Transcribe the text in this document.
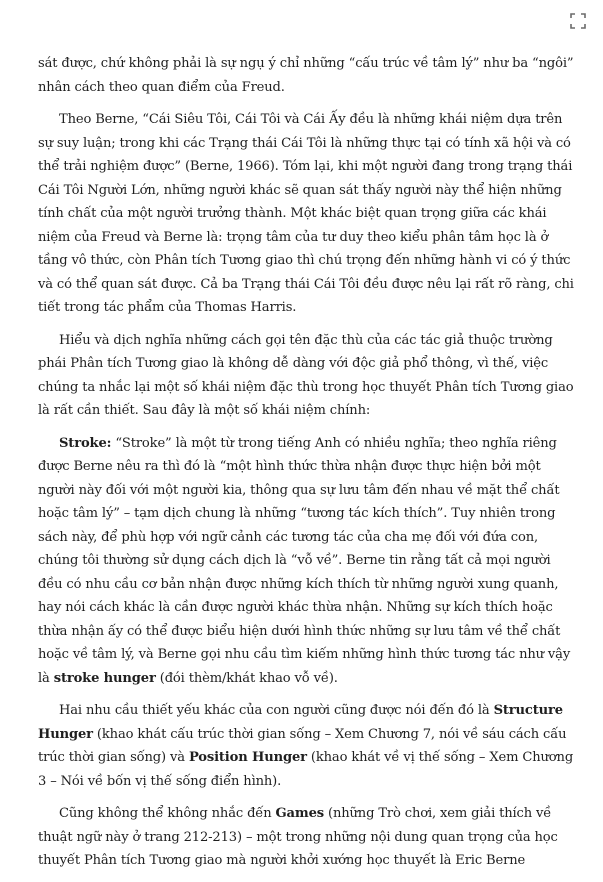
sát được, chứ không phải là sự ngụ ý chỉ những “cấu trúc về tâm lý” như ba “ngôi” nhân cách theo quan điểm của Freud.

Theo Berne, “Cái Siêu Tôi, Cái Tôi và Cái Ấy đều là những khái niệm dựa trên sự suy luận; trong khi các Trạng thái Cái Tôi là những thực tại có tính xã hội và có thể trải nghiệm được” (Berne, 1966). Tóm lại, khi một người đang trong trạng thái Cái Tôi Người Lớn, những người khác sẽ quan sát thấy người này thể hiện những tính chất của một người trưởng thành. Một khác biệt quan trọng giữa các khái niệm của Freud và Berne là: trọng tâm của tư duy theo kiểu phân tâm học là ở tầng vô thức, còn Phân tích Tương giao thì chú trọng đến những hành vi có ý thức và có thể quan sát được. Cả ba Trạng thái Cái Tôi đều được nêu lại rất rõ ràng, chi tiết trong tác phẩm của Thomas Harris.

Hiểu và dịch nghĩa những cách gọi tên đặc thù của các tác giả thuộc trường phái Phân tích Tương giao là không dễ dàng với độc giả phổ thông, vì thế, việc chúng ta nhắc lại một số khái niệm đặc thù trong học thuyết Phân tích Tương giao là rất cần thiết. Sau đây là một số khái niệm chính:

Stroke: “Stroke” là một từ trong tiếng Anh có nhiều nghĩa; theo nghĩa riêng được Berne nêu ra thì đó là “một hình thức thừa nhận được thực hiện bởi một người này đối với một người kia, thông qua sự lưu tâm đến nhau về mặt thể chất hoặc tâm lý” – tạm dịch chung là những “tương tác kích thích”. Tuy nhiên trong sách này, để phù hợp với ngữ cảnh các tương tác của cha mẹ đối với đứa con, chúng tôi thường sử dụng cách dịch là “vỗ về”. Berne tin rằng tất cả mọi người đều có nhu cầu cơ bản nhận được những kích thích từ những người xung quanh, hay nói cách khác là cần được người khác thừa nhận. Những sự kích thích hoặc thừa nhận ấy có thể được biểu hiện dưới hình thức những sự lưu tâm về thể chất hoặc về tâm lý, và Berne gọi nhu cầu tìm kiếm những hình thức tương tác như vậy là stroke hunger (đói thèm/khát khao vỗ về).

Hai nhu cầu thiết yếu khác của con người cũng được nói đến đó là Structure Hunger (khao khát cấu trúc thời gian sống – Xem Chương 7, nói về sáu cách cấu trúc thời gian sống) và Position Hunger (khao khát về vị thế sống – Xem Chương 3 – Nói về bốn vị thế sống điển hình).

Cũng không thể không nhắc đến Games (những Trò chơi, xem giải thích về thuật ngữ này ở trang 212-213) – một trong những nội dung quan trọng của học thuyết Phân tích Tương giao mà người khởi xướng học thuyết là Eric Berne
